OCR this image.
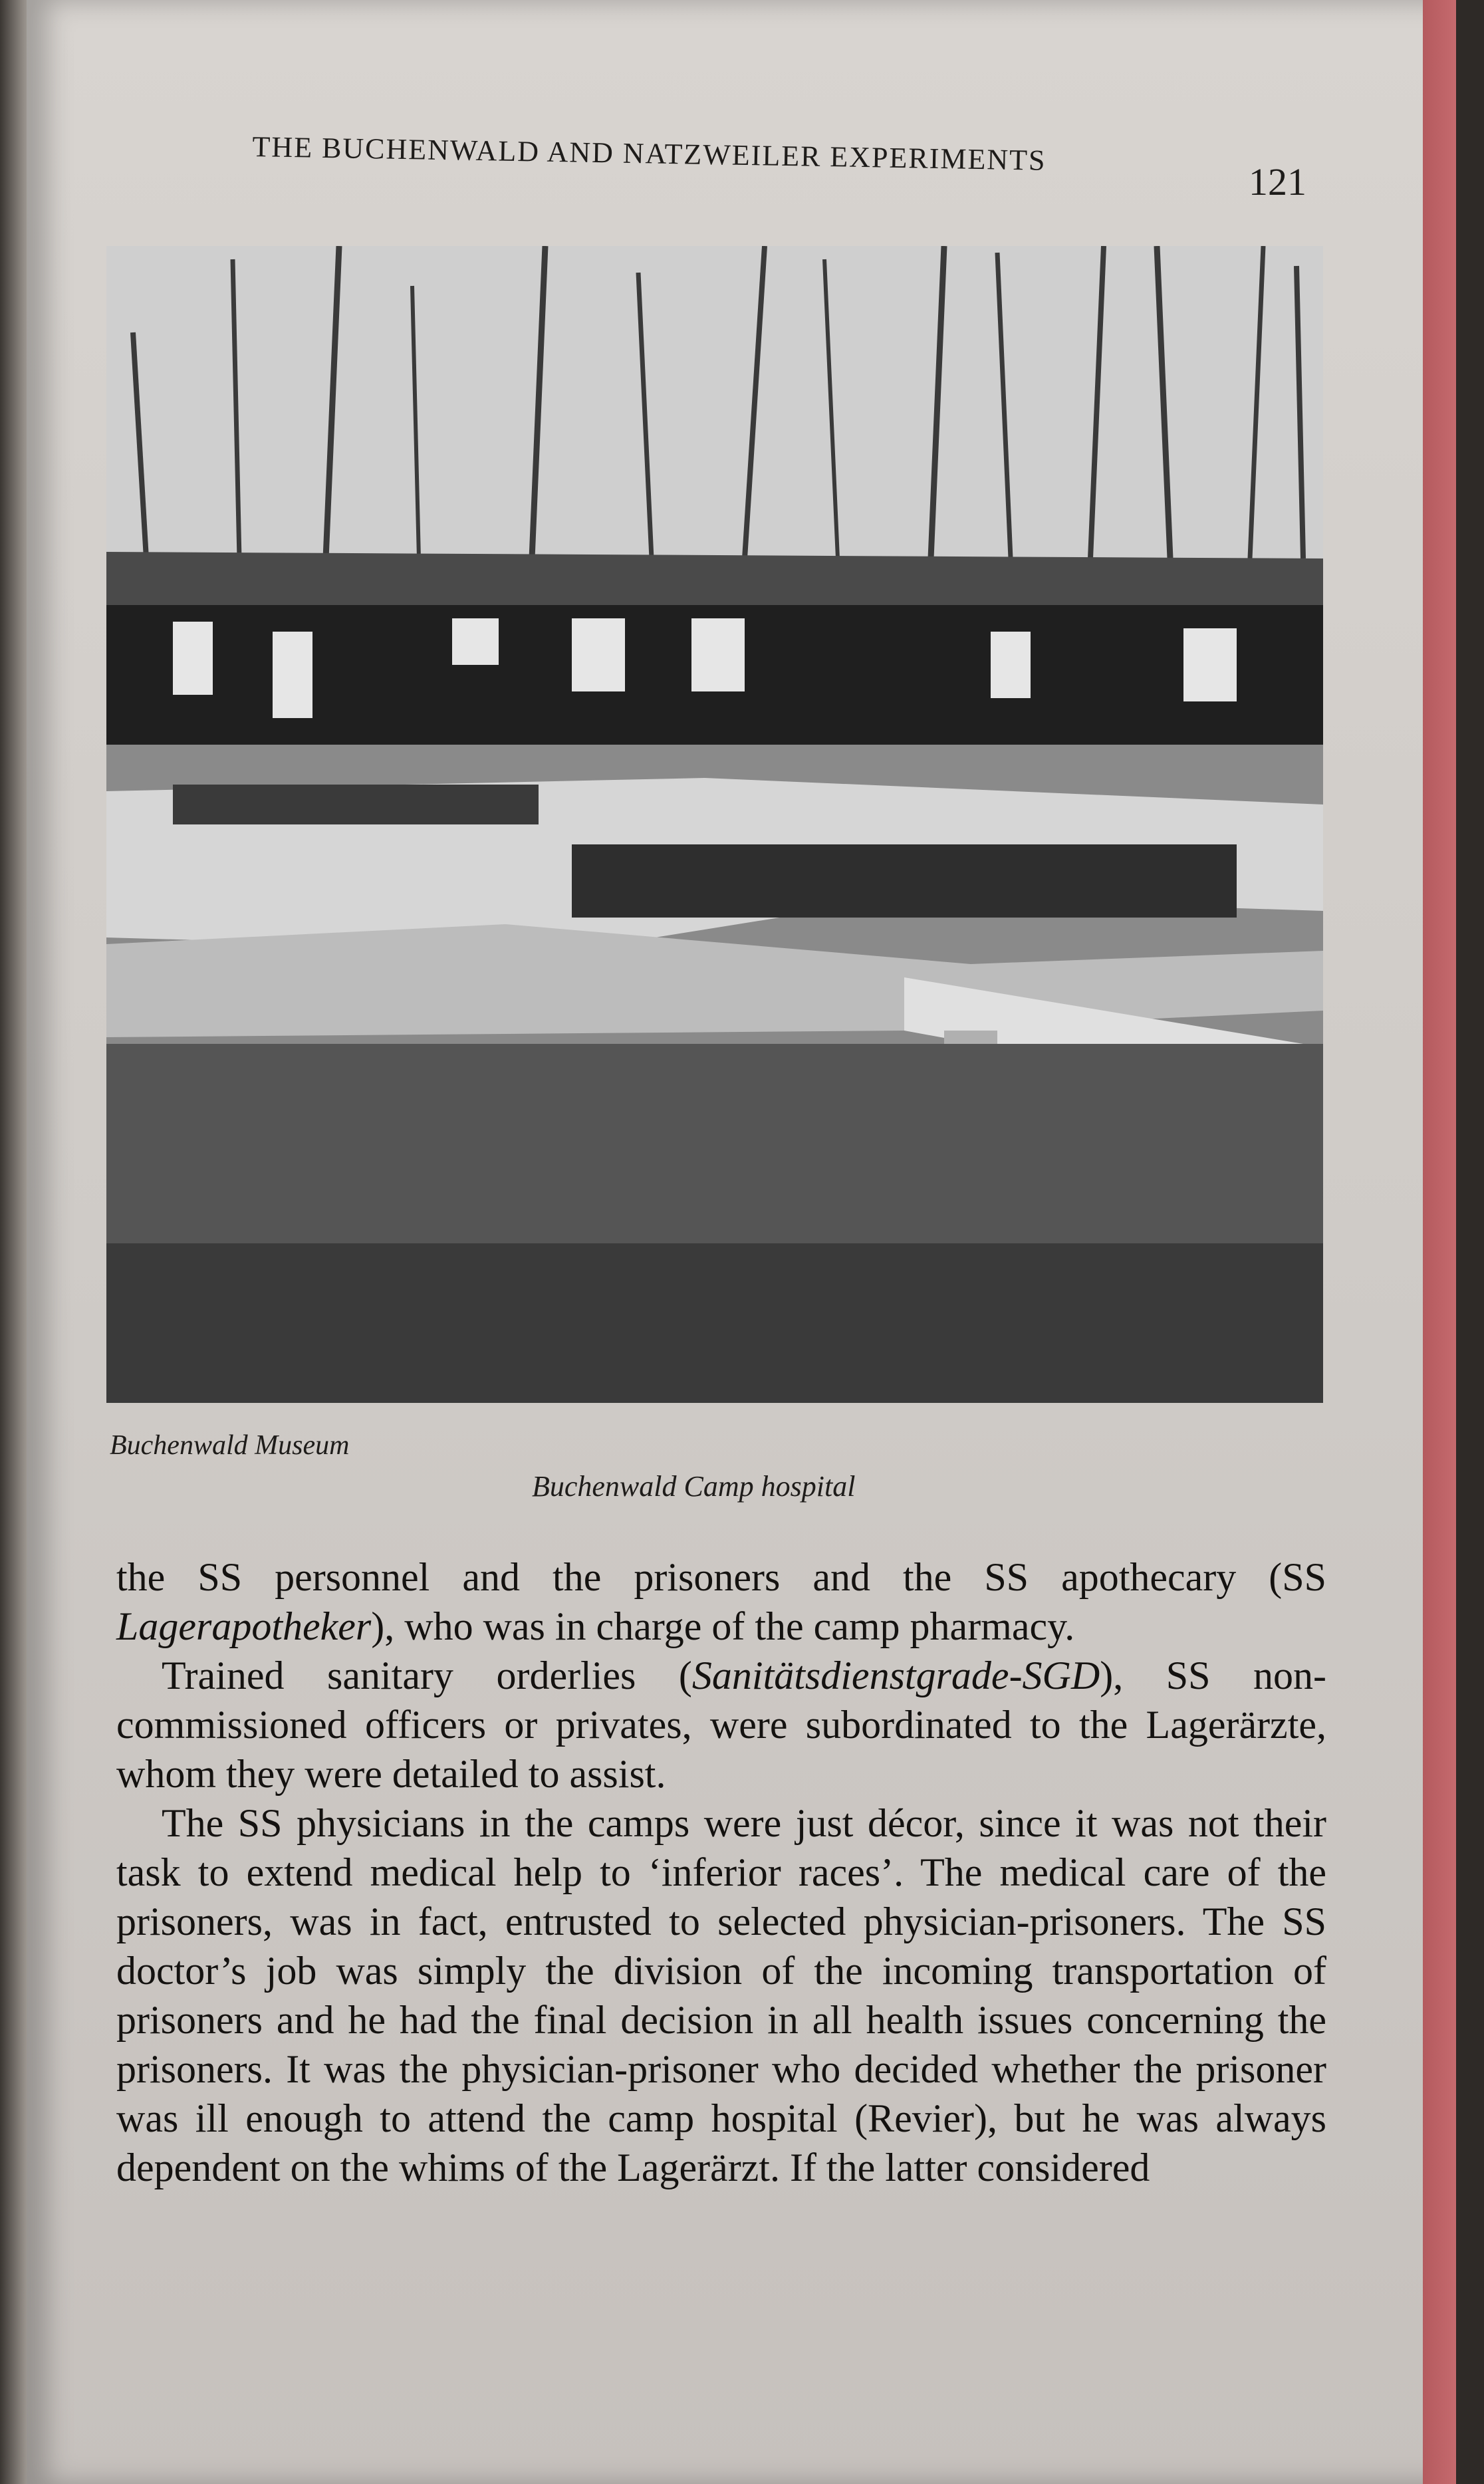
THE BUCHENWALD AND NATZWEILER EXPERIMENTS
121
Buchenwald Museum
Buchenwald Camp hospital

the SS personnel and the prisoners and the SS apothecary (SS Lagerapotheker), who was in charge of the camp pharmacy.

Trained sanitary orderlies (Sanitätsdienstgrade-SGD), SS non-commissioned officers or privates, were subordinated to the Lagerärzte, whom they were detailed to assist.

The SS physicians in the camps were just décor, since it was not their task to extend medical help to ‘inferior races’. The medical care of the prisoners, was in fact, entrusted to selected physician-prisoners. The SS doctor’s job was simply the division of the incoming transportation of prisoners and he had the final decision in all health issues concerning the prisoners. It was the physician-prisoner who decided whether the prisoner was ill enough to attend the camp hospital (Revier), but he was always dependent on the whims of the Lagerärzt. If the latter considered
